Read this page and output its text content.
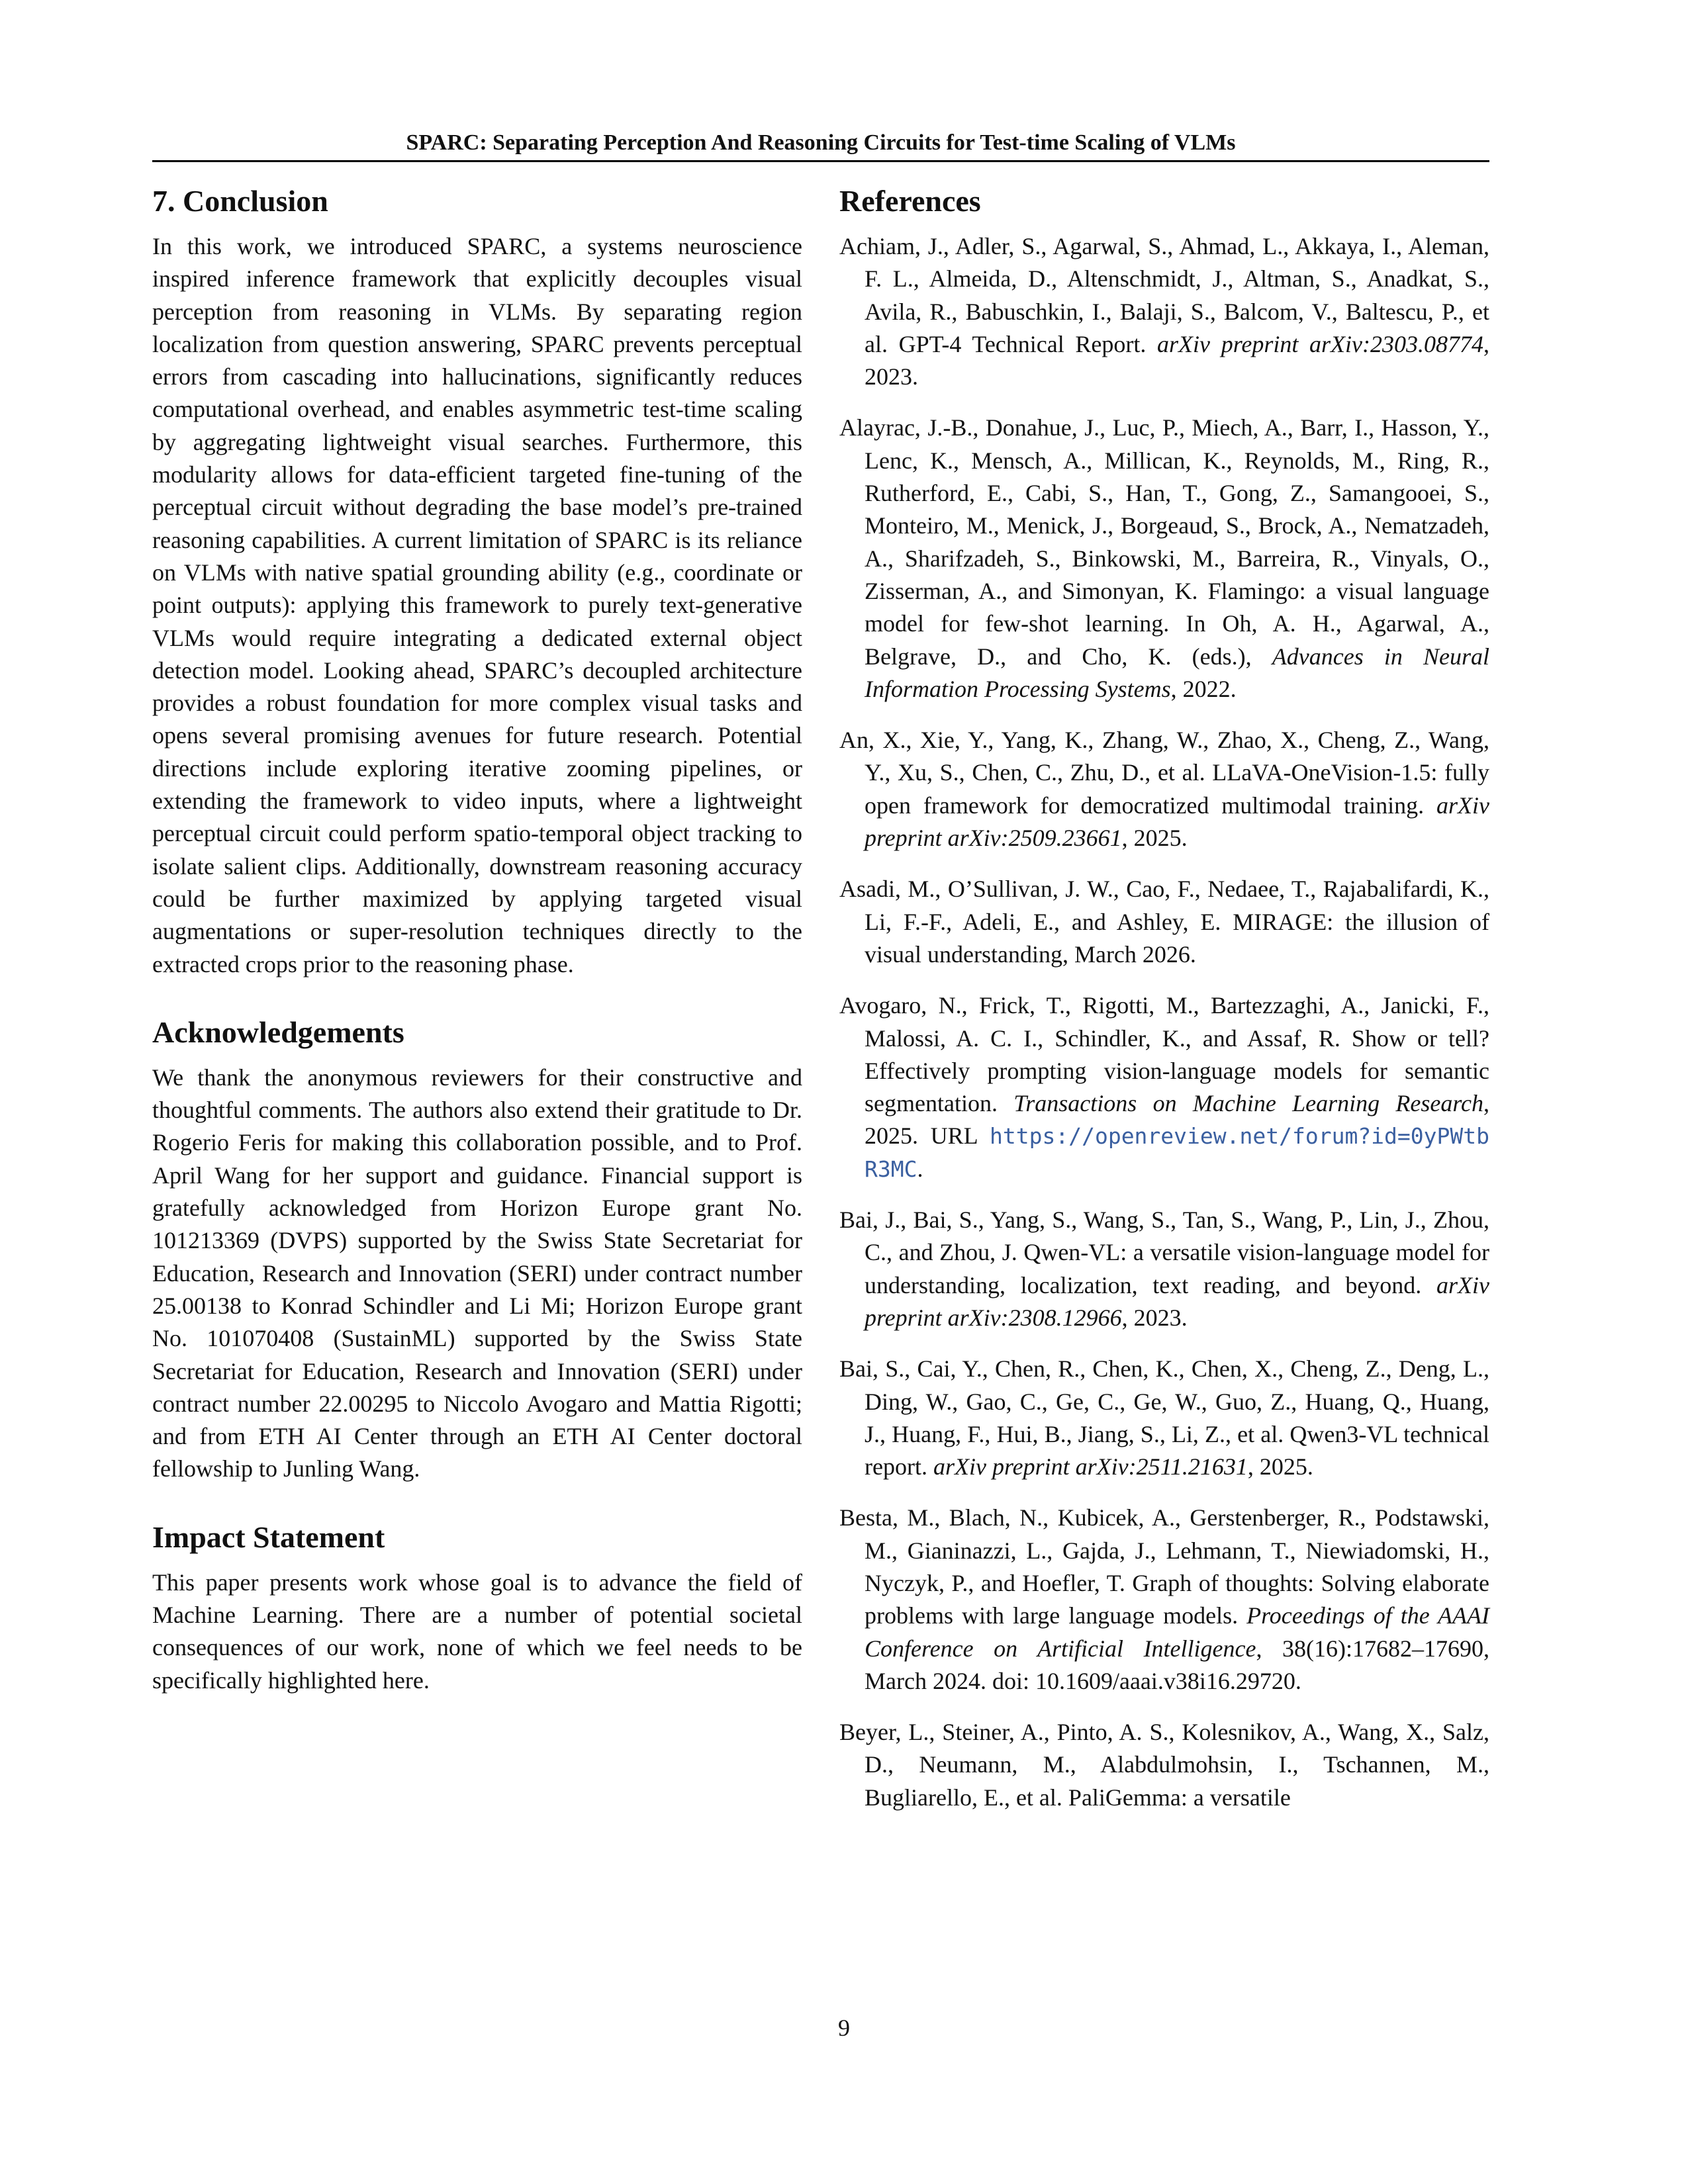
SPARC: Separating Perception And Reasoning Circuits for Test-time Scaling of VLMs
7. Conclusion

In this work, we introduced SPARC, a systems neuroscience inspired inference framework that explicitly decouples visual perception from reasoning in VLMs. By separating region localization from question answering, SPARC prevents perceptual errors from cascading into hallucinations, significantly reduces computational overhead, and enables asymmetric test-time scaling by aggregating lightweight visual searches. Furthermore, this modularity allows for data-efficient targeted fine-tuning of the perceptual circuit without degrading the base model’s pre-trained reasoning capabilities. A current limitation of SPARC is its reliance on VLMs with native spatial grounding ability (e.g., coordinate or point outputs): applying this framework to purely text-generative VLMs would require integrating a dedicated external object detection model. Looking ahead, SPARC’s decoupled architecture provides a robust foundation for more complex visual tasks and opens several promising avenues for future research. Potential directions include exploring iterative zooming pipelines, or extending the framework to video inputs, where a lightweight perceptual circuit could perform spatio-temporal object tracking to isolate salient clips. Additionally, downstream reasoning accuracy could be further maximized by applying targeted visual augmentations or super-resolution techniques directly to the extracted crops prior to the reasoning phase.

Acknowledgements

We thank the anonymous reviewers for their constructive and thoughtful comments. The authors also extend their gratitude to Dr. Rogerio Feris for making this collaboration possible, and to Prof. April Wang for her support and guidance. Financial support is gratefully acknowledged from Horizon Europe grant No. 101213369 (DVPS) supported by the Swiss State Secretariat for Education, Research and Innovation (SERI) under contract number 25.00138 to Konrad Schindler and Li Mi; Horizon Europe grant No. 101070408 (SustainML) supported by the Swiss State Secretariat for Education, Research and Innovation (SERI) under contract number 22.00295 to Niccolo Avogaro and Mattia Rigotti; and from ETH AI Center through an ETH AI Center doctoral fellowship to Junling Wang.

Impact Statement

This paper presents work whose goal is to advance the field of Machine Learning. There are a number of potential societal consequences of our work, none of which we feel needs to be specifically highlighted here.

References

Achiam, J., Adler, S., Agarwal, S., Ahmad, L., Akkaya, I., Aleman, F. L., Almeida, D., Altenschmidt, J., Altman, S., Anadkat, S., Avila, R., Babuschkin, I., Balaji, S., Balcom, V., Baltescu, P., et al. GPT-4 Technical Report. arXiv preprint arXiv:2303.08774, 2023.

Alayrac, J.-B., Donahue, J., Luc, P., Miech, A., Barr, I., Hasson, Y., Lenc, K., Mensch, A., Millican, K., Reynolds, M., Ring, R., Rutherford, E., Cabi, S., Han, T., Gong, Z., Samangooei, S., Monteiro, M., Menick, J., Borgeaud, S., Brock, A., Nematzadeh, A., Sharifzadeh, S., Binkowski, M., Barreira, R., Vinyals, O., Zisserman, A., and Simonyan, K. Flamingo: a visual language model for few-shot learning. In Oh, A. H., Agarwal, A., Belgrave, D., and Cho, K. (eds.), Advances in Neural Information Processing Systems, 2022.

An, X., Xie, Y., Yang, K., Zhang, W., Zhao, X., Cheng, Z., Wang, Y., Xu, S., Chen, C., Zhu, D., et al. LLaVA-OneVision-1.5: fully open framework for democratized multimodal training. arXiv preprint arXiv:2509.23661, 2025.

Asadi, M., O’Sullivan, J. W., Cao, F., Nedaee, T., Rajabalifardi, K., Li, F.-F., Adeli, E., and Ashley, E. MIRAGE: the illusion of visual understanding, March 2026.

Avogaro, N., Frick, T., Rigotti, M., Bartezzaghi, A., Janicki, F., Malossi, A. C. I., Schindler, K., and Assaf, R. Show or tell? Effectively prompting vision-language models for semantic segmentation. Transactions on Machine Learning Research, 2025. URL https://openreview.net/forum?id=0yPWtbR3MC.

Bai, J., Bai, S., Yang, S., Wang, S., Tan, S., Wang, P., Lin, J., Zhou, C., and Zhou, J. Qwen-VL: a versatile vision-language model for understanding, localization, text reading, and beyond. arXiv preprint arXiv:2308.12966, 2023.

Bai, S., Cai, Y., Chen, R., Chen, K., Chen, X., Cheng, Z., Deng, L., Ding, W., Gao, C., Ge, C., Ge, W., Guo, Z., Huang, Q., Huang, J., Huang, F., Hui, B., Jiang, S., Li, Z., et al. Qwen3-VL technical report. arXiv preprint arXiv:2511.21631, 2025.

Besta, M., Blach, N., Kubicek, A., Gerstenberger, R., Podstawski, M., Gianinazzi, L., Gajda, J., Lehmann, T., Niewiadomski, H., Nyczyk, P., and Hoefler, T. Graph of thoughts: Solving elaborate problems with large language models. Proceedings of the AAAI Conference on Artificial Intelligence, 38(16):17682–17690, March 2024. doi: 10.1609/aaai.v38i16.29720.

Beyer, L., Steiner, A., Pinto, A. S., Kolesnikov, A., Wang, X., Salz, D., Neumann, M., Alabdulmohsin, I., Tschannen, M., Bugliarello, E., et al. PaliGemma: a versatile

9
